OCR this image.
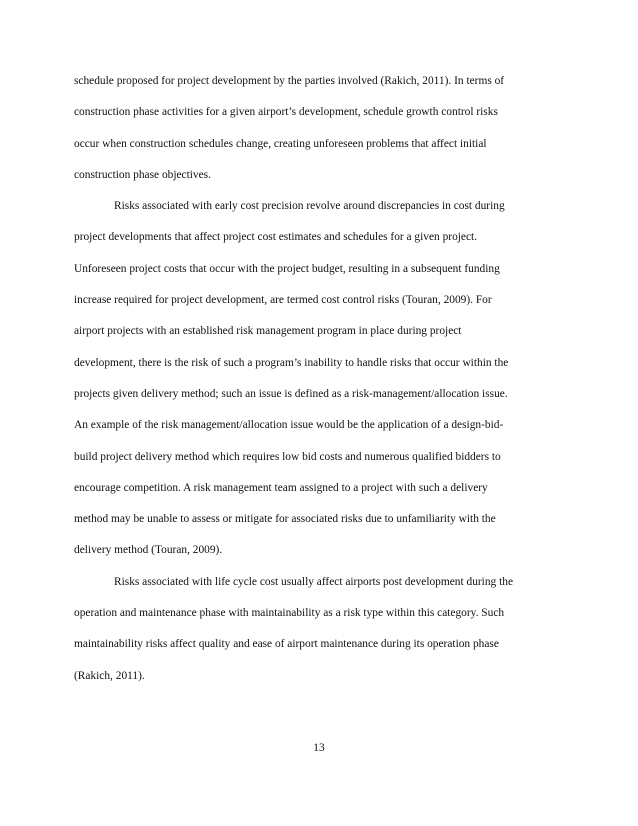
schedule proposed for project development by the parties involved (Rakich, 2011). In terms of
construction phase activities for a given airport’s development, schedule growth control risks
occur when construction schedules change, creating unforeseen problems that affect initial
construction phase objectives.
Risks associated with early cost precision revolve around discrepancies in cost during
project developments that affect project cost estimates and schedules for a given project.
Unforeseen project costs that occur with the project budget, resulting in a subsequent funding
increase required for project development, are termed cost control risks (Touran, 2009). For
airport projects with an established risk management program in place during project
development, there is the risk of such a program’s inability to handle risks that occur within the
projects given delivery method; such an issue is defined as a risk-management/allocation issue.
An example of the risk management/allocation issue would be the application of a design-bid-
build project delivery method which requires low bid costs and numerous qualified bidders to
encourage competition. A risk management team assigned to a project with such a delivery
method may be unable to assess or mitigate for associated risks due to unfamiliarity with the
delivery method (Touran, 2009).
Risks associated with life cycle cost usually affect airports post development during the
operation and maintenance phase with maintainability as a risk type within this category. Such
maintainability risks affect quality and ease of airport maintenance during its operation phase
(Rakich, 2011).
13
